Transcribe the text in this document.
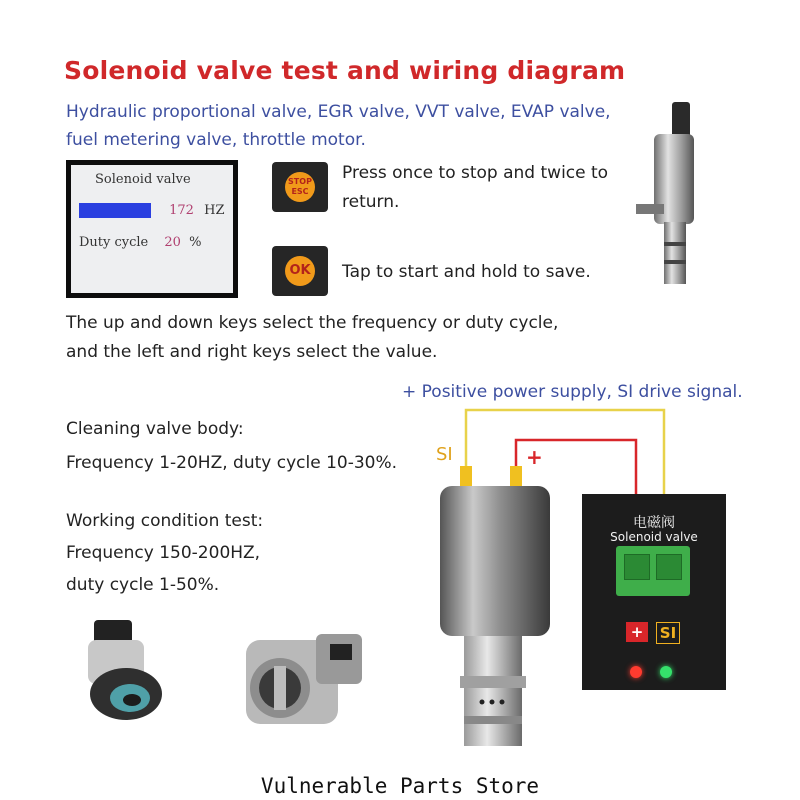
Solenoid valve test and wiring diagram
Hydraulic proportional valve, EGR valve, VVT valve, EVAP valve, fuel metering valve, throttle motor.
Solenoid valve
172 HZ
Duty cycle 20 %
STOP
ESC
Press once to stop and twice to return.
OK Tap to start and hold to save.
The up and down keys select the frequency or duty cycle, and the left and right keys select the value.
+ Positive power supply, SI drive signal.
Cleaning valve body:
Frequency 1-20HZ, duty cycle 10-30%.
Working condition test:
Frequency 150-200HZ,
duty cycle 1-50%.
SI	+
电磁阀
Solenoid valve
+	SI
Vulnerable Parts Store
